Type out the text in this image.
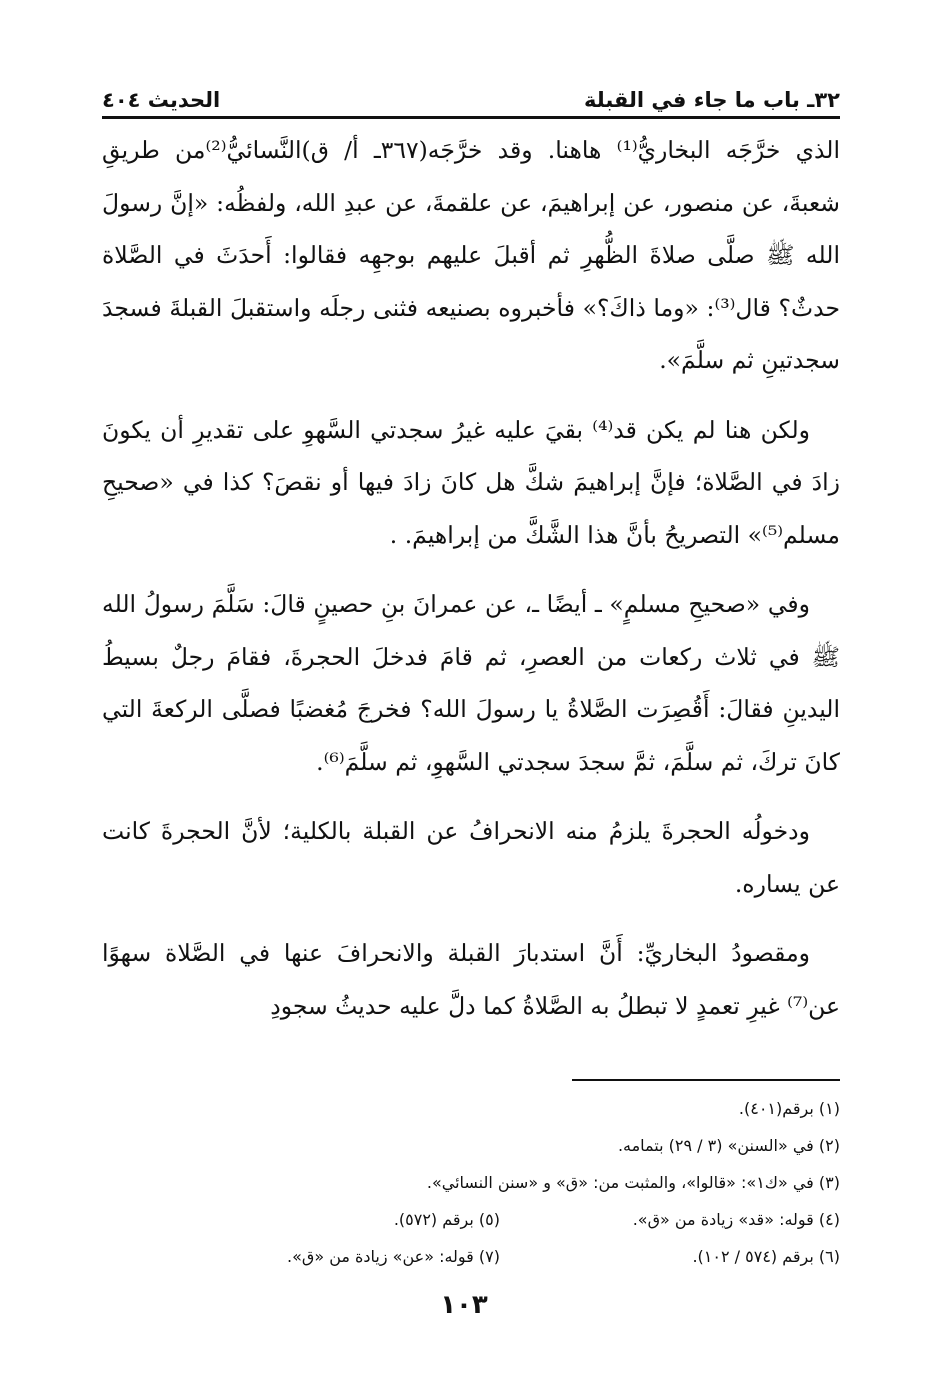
٣٢ـ باب ما جاء في القبلة
الحديث ٤٠٤

الذي خرَّجَه البخاريُّ⁽¹⁾ هاهنا. وقد خرَّجَه(٣٦٧ـ أ/ ق)النَّسائيُّ⁽²⁾من طريقِ شعبةَ، عن منصور، عن إبراهيمَ، عن علقمةَ، عن عبدِ الله، ولفظُه: «إنَّ رسولَ الله ﷺ صلَّى صلاةَ الظُّهرِ ثم أقبلَ عليهم بوجهِه فقالوا: أَحدَثَ في الصَّلاة حدثٌ؟ قال⁽³⁾: «وما ذاكَ؟» فأخبروه بصنيعه فثنى رجلَه واستقبلَ القبلةَ فسجدَ سجدتينِ ثم سلَّمَ».

ولكن هنا لم يكن قد⁽⁴⁾ بقيَ عليه غيرُ سجدتي السَّهوِ على تقديرِ أن يكونَ زادَ في الصَّلاة؛ فإنَّ إبراهيمَ شكَّ هل كانَ زادَ فيها أو نقصَ؟ كذا في «صحيحِ مسلم⁽⁵⁾» التصريحُ بأنَّ هذا الشَّكَّ من إبراهيمَ. .

وفي «صحيحِ مسلمٍ» ـ أيضًا ـ، عن عمرانَ بنِ حصينٍ قالَ: سَلَّمَ رسولُ الله ﷺ في ثلاث ركعات من العصرِ، ثم قامَ فدخلَ الحجرةَ، فقامَ رجلٌ بسيطُ اليدينِ فقالَ: أَقُصِرَت الصَّلاةُ يا رسولَ الله؟ فخرجَ مُغضبًا فصلَّى الركعةَ التي كانَ تركَ، ثم سلَّمَ، ثمَّ سجدَ سجدتي السَّهوِ، ثم سلَّمَ⁽⁶⁾.

ودخولُه الحجرةَ يلزمُ منه الانحرافُ عن القبلة بالكلية؛ لأنَّ الحجرةَ كانت عن يساره.

ومقصودُ البخاريِّ: أَنَّ استدبارَ القبلة والانحرافَ عنها في الصَّلاة سهوًا عن⁽⁷⁾ غيرِ تعمدٍ لا تبطلُ به الصَّلاةُ كما دلَّ عليه حديثُ سجودِ

(١) برقم(٤٠١).
(٢) في «السنن» (٣ / ٢٩) بتمامه.
(٣) في «ك١»: «قالوا»، والمثبت من: «ق» و «سنن النسائي».
(٤) قوله: «قد» زيادة من «ق».
(٥) برقم (٥٧٢).
(٦) برقم (٥٧٤ / ١٠٢).
(٧) قوله: «عن» زيادة من «ق».
١٠٣
